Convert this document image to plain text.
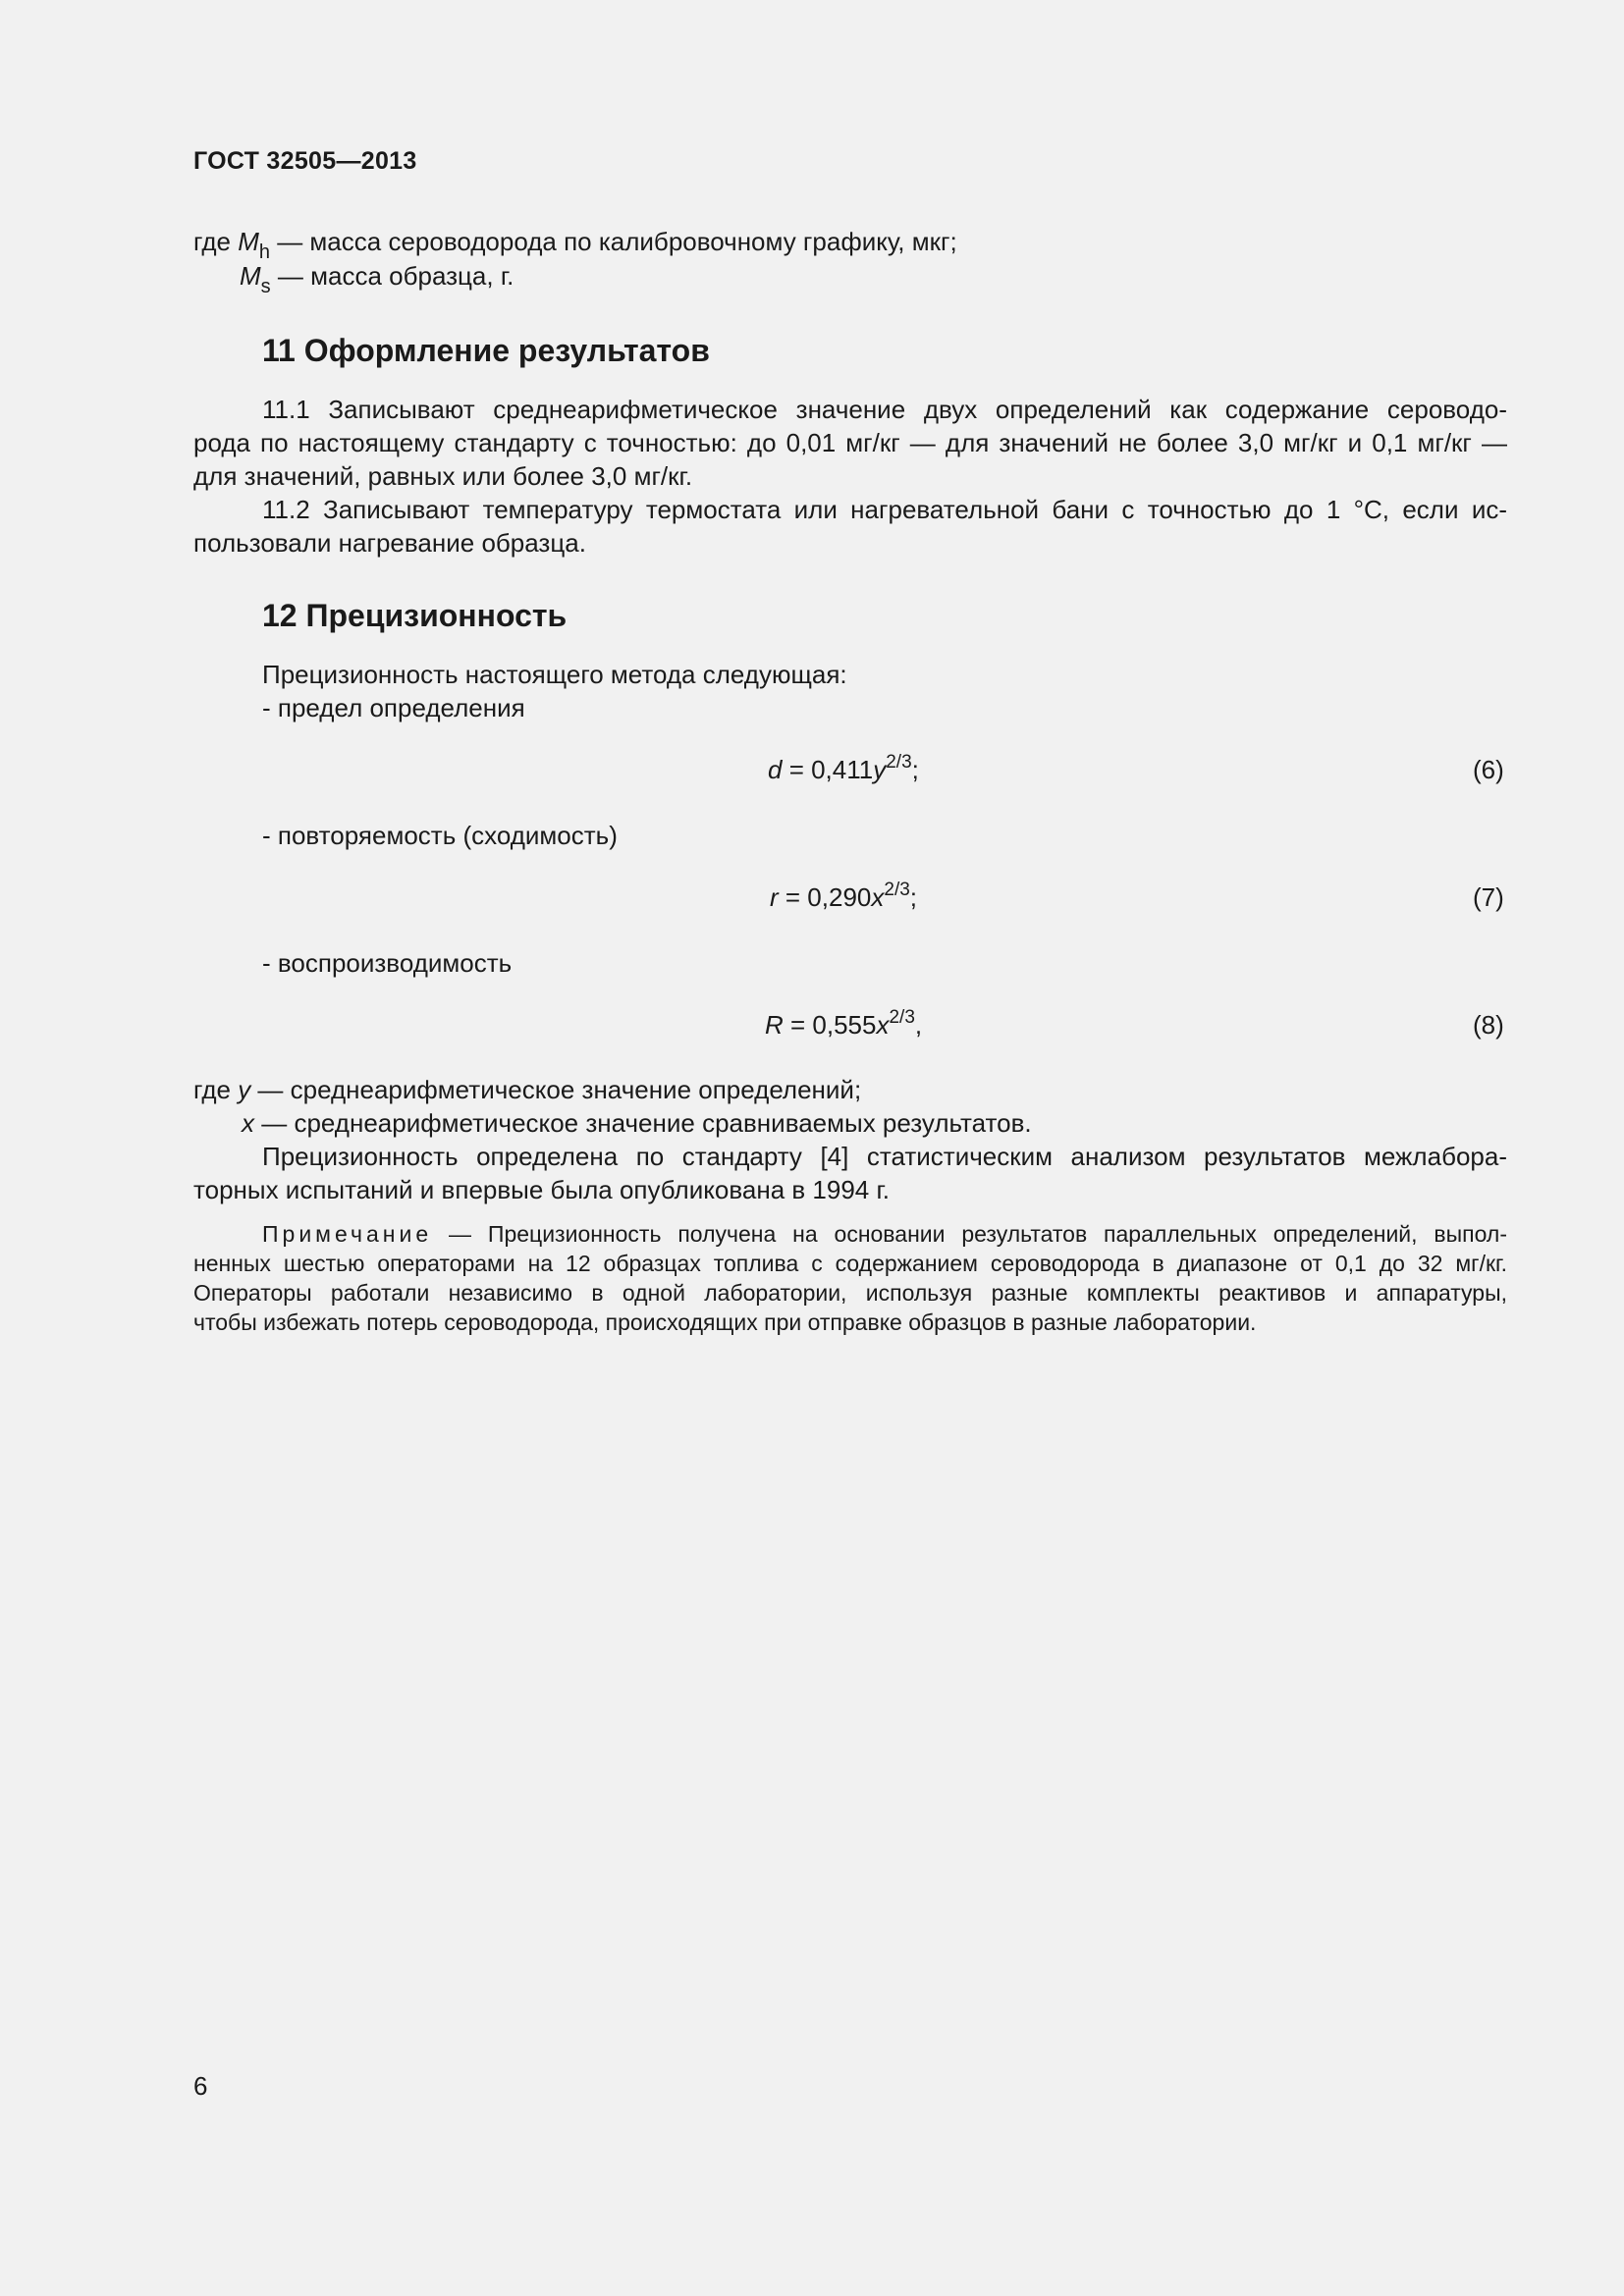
ГОСТ 32505—2013
где $M_h$ — масса сероводорода по калибровочному графику, мкг;
$M_s$ — масса образца, г.
11 Оформление результатов
11.1 Записывают среднеарифметическое значение двух определений как содержание сероводо-
рода по настоящему стандарту с точностью: до 0,01 мг/кг — для значений не более 3,0 мг/кг и 0,1 мг/кг —
для значений, равных или более 3,0 мг/кг.
11.2 Записывают температуру термостата или нагревательной бани с точностью до 1 °С, если ис-
пользовали нагревание образца.
12 Прецизионность
Прецизионность настоящего метода следующая:
- предел определения
$d = 0,411y^{2/3}$;	(6)
- повторяемость (сходимость)
$r = 0,290x^{2/3}$;	(7)
- воспроизводимость
$R = 0,555x^{2/3}$,	(8)
где y — среднеарифметическое значение определений;
x — среднеарифметическое значение сравниваемых результатов.
Прецизионность определена по стандарту [4] статистическим анализом результатов межлабора-
торных испытаний и впервые была опубликована в 1994 г.
Примечание — Прецизионность получена на основании результатов параллельных определений, выпол-
ненных шестью операторами на 12 образцах топлива с содержанием сероводорода в диапазоне от 0,1 до 32 мг/кг.
Операторы работали независимо в одной лаборатории, используя разные комплекты реактивов и аппаратуры,
чтобы избежать потерь сероводорода, происходящих при отправке образцов в разные лаборатории.
6
